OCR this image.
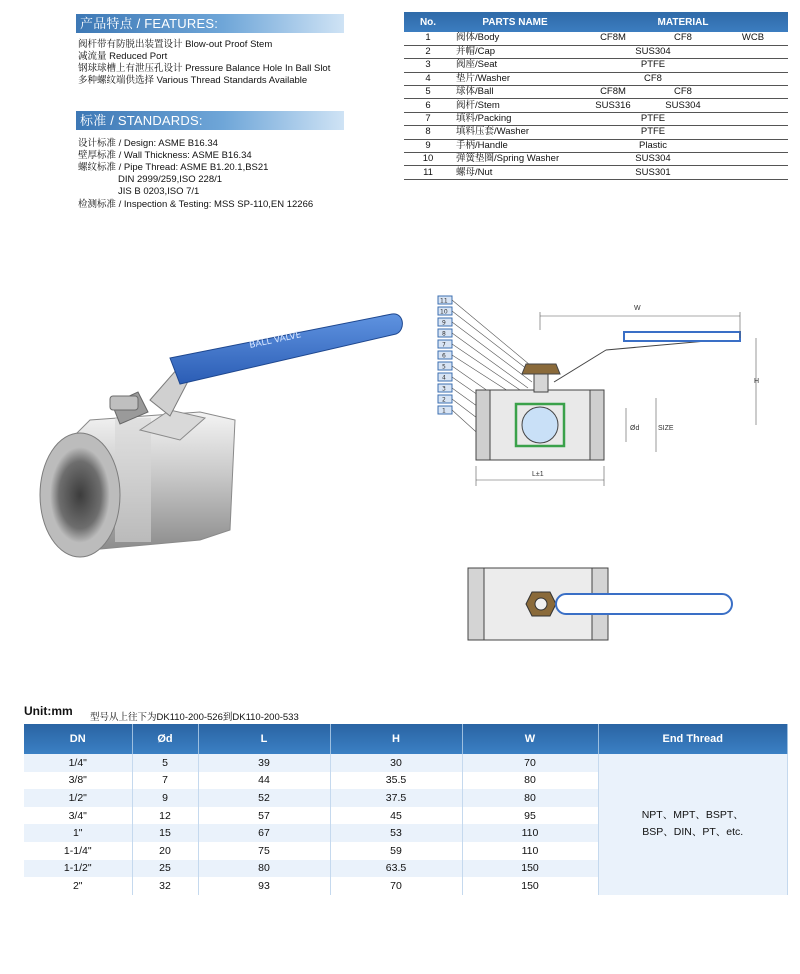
产品特点 / FEATURES:
阀杆带有防脱出装置设计 Blow-out Proof Stem
减流量 Reduced Port
钢球球槽上有泄压孔设计 Pressure Balance Hole In Ball Slot
多种螺纹端供选择 Various Thread Standards Available
标准 / STANDARDS:
设计标准 / Design: ASME B16.34
壁厚标准 / Wall Thickness: ASME B16.34
螺纹标准 / Pipe Thread: ASME B1.20.1,BS21
DIN 2999/259,ISO 228/1
JIS B 0203,ISO 7/1
检测标准 / Inspection & Testing: MSS SP-110,EN 12266
No.	PARTS NAME	MATERIAL		
1	阀体/Body	CF8M	CF8	WCB
2	并帽/Cap	SUS304		
3	阀座/Seat	PTFE		
4	垫片/Washer	CF8		
5	球体/Ball	CF8M	CF8	
6	阀杆/Stem	SUS316	SUS304	
7	填料/Packing	PTFE		
8	填料压套/Washer	PTFE		
9	手柄/Handle	Plastic		
10	弹簧垫圈/Spring Washer	SUS304		
11	螺母/Nut	SUS301		
BALL VALVE
11
10
9
8
7
6
5
4
3
2
1
W
H
Ød	SIZE
L±1
Unit:mm 型号从上往下为DK110-200-526到DK110-200-533
DN	Ød	L	H	W	End Thread
1/4"	5	39	30	70	NPT、MPT、BSPT、
BSP、DIN、PT、etc.

3/8"	7	44	35.5	80	
1/2"	9	52	37.5	80	
3/4"	12	57	45	95	
1"	15	67	53	110	
1-1/4"	20	75	59	110	
1-1/2"	25	80	63.5	150	
2"	32	93	70	150	
